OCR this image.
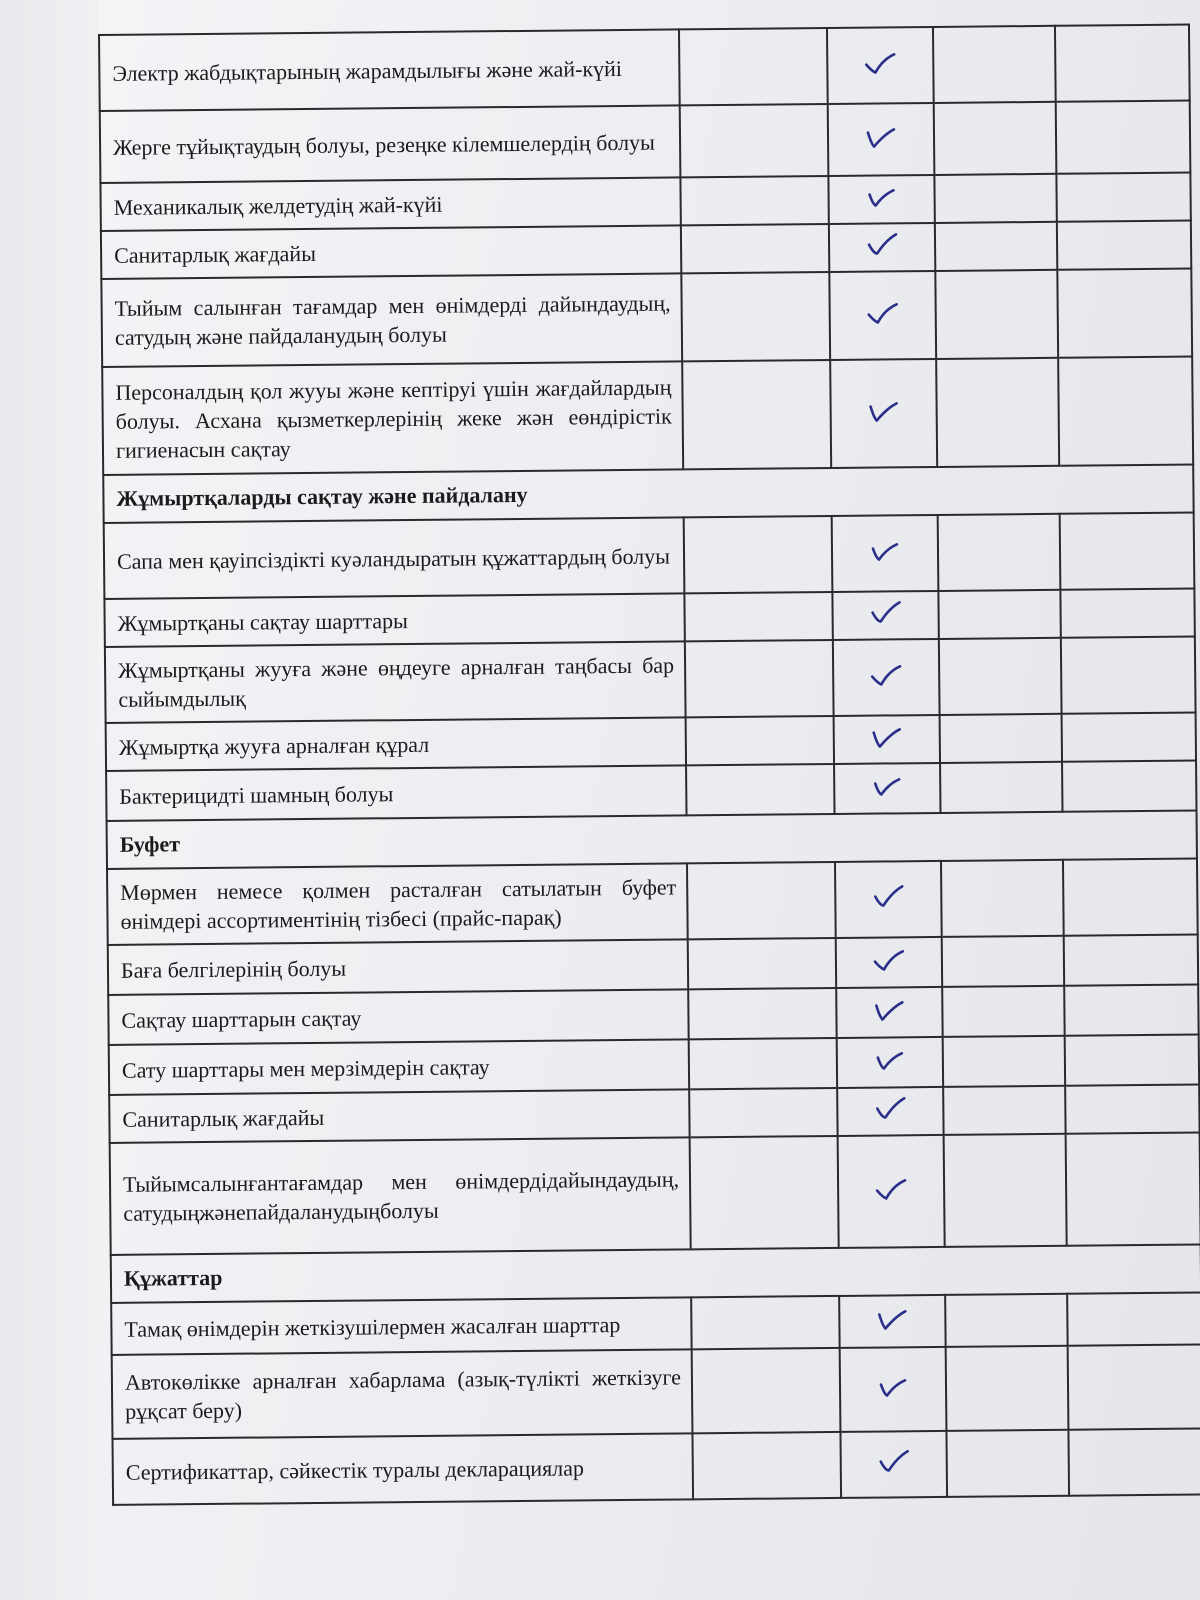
Электр жабдықтарының жарамдылығы және жай-күйі				
Жерге тұйықтаудың болуы, резеңке кілемшелердің болуы				
Механикалық желдетудің жай-күйі				
Санитарлық жағдайы				
Тыйым салынған тағамдар мен өнімдерді дайындаудың, сатудың және пайдаланудың болуы				
Персоналдың қол жууы және кептіруі үшін жағдайлардың болуы. Асхана қызметкерлерінің жеке жән еөндірістік гигиенасын сақтау				
Жұмыртқаларды сақтау және пайдалану				
Сапа мен қауіпсіздікті куәландыратын құжаттардың болуы				
Жұмыртқаны сақтау шарттары				
Жұмыртқаны жууға және өңдеуге арналған таңбасы бар сыйымдылық				
Жұмыртқа жууға арналған құрал				
Бактерицидті шамның болуы				
Буфет				
Мөрмен немесе қолмен расталған сатылатын буфет өнімдері ассортиментінің тізбесі (прайс-парақ)				
Баға белгілерінің болуы				
Сақтау шарттарын сақтау				
Сату шарттары мен мерзімдерін сақтау				
Санитарлық жағдайы				
Тыйымсалынғантағамдар мен өнімдердідайындаудың, сатудыңжәнепайдаланудыңболуы				
Құжаттар				
Тамақ өнімдерін жеткізушілермен жасалған шарттар				
Автокөлікке арналған хабарлама (азық-түлікті жеткізуге рұқсат беру)				
Сертификаттар, сәйкестік туралы декларациялар				
